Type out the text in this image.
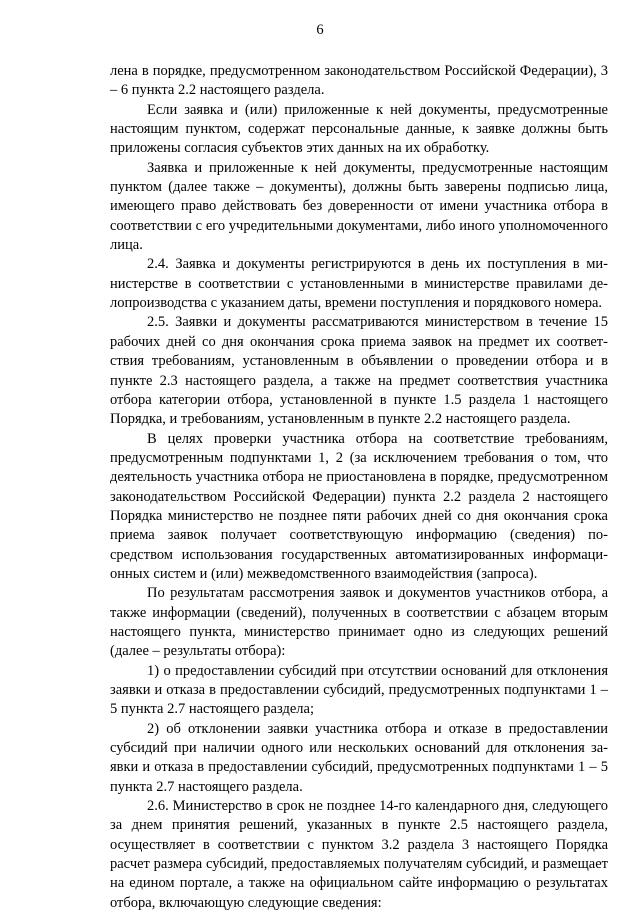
6

лена в порядке, предусмотренном законодательством Российской Федерации), 3 – 6 пункта 2.2 настоящего раздела.

Если заявка и (или) приложенные к ней документы, предусмотренные настоящим пунктом, содержат персональные данные, к заявке должны быть приложены согласия субъектов этих данных на их обработку.

Заявка и приложенные к ней документы, предусмотренные настоящим пунктом (далее также – документы), должны быть заверены подписью лица, имеющего право действовать без доверенности от имени участника отбора в соответствии с его учредительными документами, либо иного уполномоченного лица.

2.4. Заявка и документы регистрируются в день их поступления в министерстве в соответствии с установленными в министерстве правилами делопроизводства с указанием даты, времени поступления и порядкового номера.

2.5. Заявки и документы рассматриваются министерством в течение 15 рабочих дней со дня окончания срока приема заявок на предмет их соответствия требованиям, установленным в объявлении о проведении отбора и в пункте 2.3 настоящего раздела, а также на предмет соответствия участника отбора категории отбора, установленной в пункте 1.5 раздела 1 настоящего Порядка, и требованиям, установленным в пункте 2.2 настоящего раздела.

В целях проверки участника отбора на соответствие требованиям, предусмотренным подпунктами 1, 2 (за исключением требования о том, что деятельность участника отбора не приостановлена в порядке, предусмотренном законодательством Российской Федерации) пункта 2.2 раздела 2 настоящего Порядка министерство не позднее пяти рабочих дней со дня окончания срока приема заявок получает соответствующую информацию (сведения) посредством использования государственных автоматизированных информационных систем и (или) межведомственного взаимодействия (запроса).

По результатам рассмотрения заявок и документов участников отбора, а также информации (сведений), полученных в соответствии с абзацем вторым настоящего пункта, министерство принимает одно из следующих решений (далее – результаты отбора):

1) о предоставлении субсидий при отсутствии оснований для отклонения заявки и отказа в предоставлении субсидий, предусмотренных подпунктами 1 – 5 пункта 2.7 настоящего раздела;

2) об отклонении заявки участника отбора и отказе в предоставлении субсидий при наличии одного или нескольких оснований для отклонения заявки и отказа в предоставлении субсидий, предусмотренных подпунктами 1 – 5 пункта 2.7 настоящего раздела.

2.6. Министерство в срок не позднее 14-го календарного дня, следующего за днем принятия решений, указанных в пункте 2.5 настоящего раздела, осуществляет в соответствии с пунктом 3.2 раздела 3 настоящего Порядка расчет размера субсидий, предоставляемых получателям субсидий, и размещает на едином портале, а также на официальном сайте информацию о результатах отбора, включающую следующие сведения:
